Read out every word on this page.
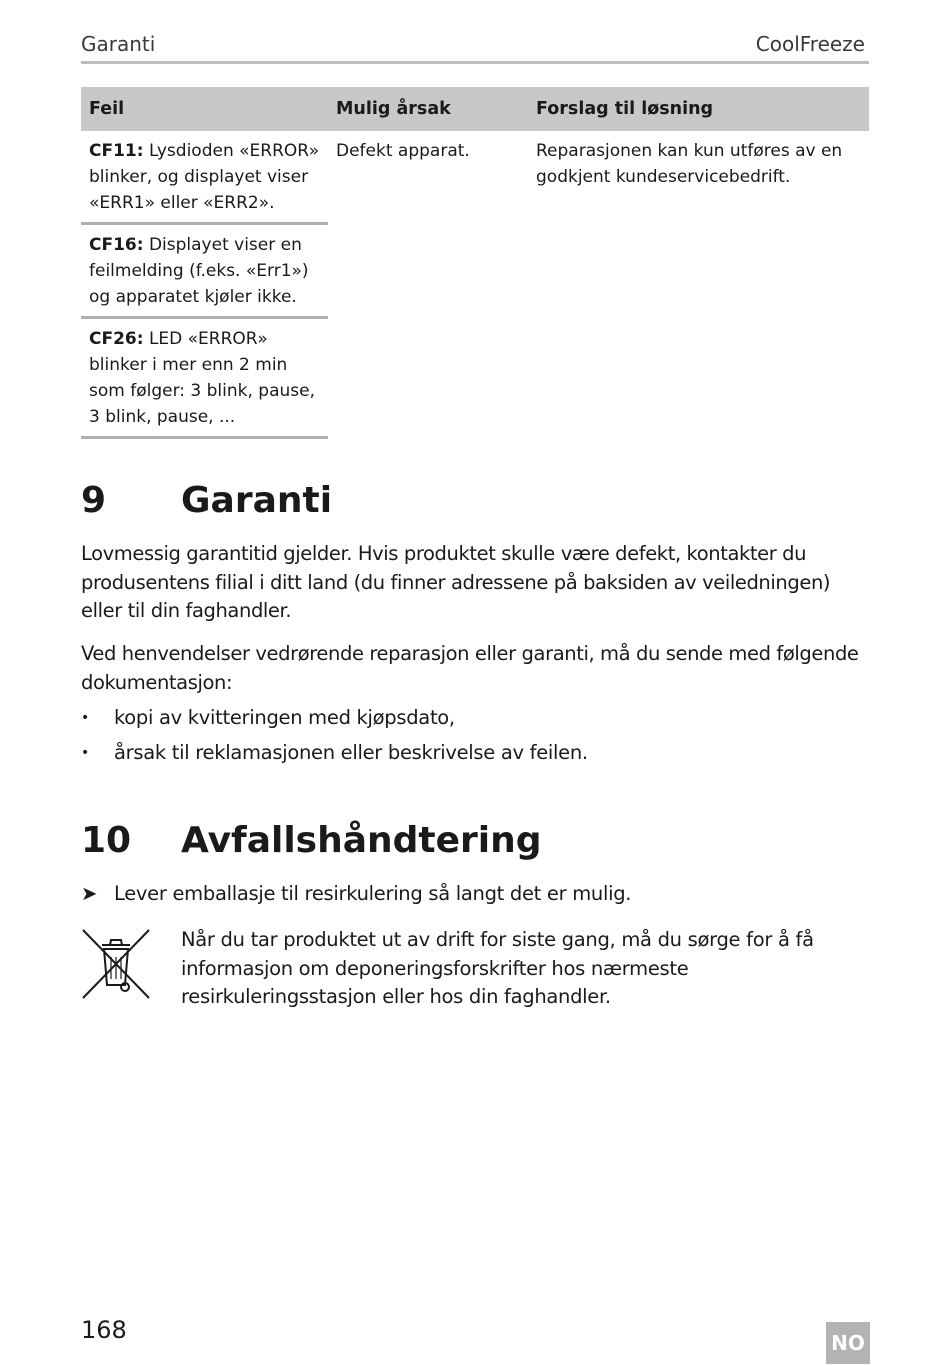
Garanti	CoolFreeze
Feil	Mulig årsak	Forslag til løsning
CF11: Lysdioden «ERROR» blinker, og displayet viser «ERR1» eller «ERR2».	Defekt apparat.	Reparasjonen kan kun utføres av en godkjent kundeservicebedrift.
CF16: Displayet viser en feilmelding (f.eks. «Err1») og apparatet kjøler ikke.		
CF26: LED «ERROR» blinker i mer enn 2 min som følger: 3 blink, pause, 3 blink, pause, ...		
9 Garanti

Lovmessig garantitid gjelder. Hvis produktet skulle være defekt, kontakter du produsentens filial i ditt land (du finner adressene på baksiden av veiledningen) eller til din faghandler.

Ved henvendelser vedrørende reparasjon eller garanti, må du sende med følgende dokumentasjon:

• kopi av kvitteringen med kjøpsdato,
• årsak til reklamasjonen eller beskrivelse av feilen.
10 Avfallshåndtering
➤ Lever emballasje til resirkulering så langt det er mulig.

Når du tar produktet ut av drift for siste gang, må du sørge for å få informasjon om deponeringsforskrifter hos nærmeste resirkuleringsstasjon eller hos din faghandler.

168	NO
